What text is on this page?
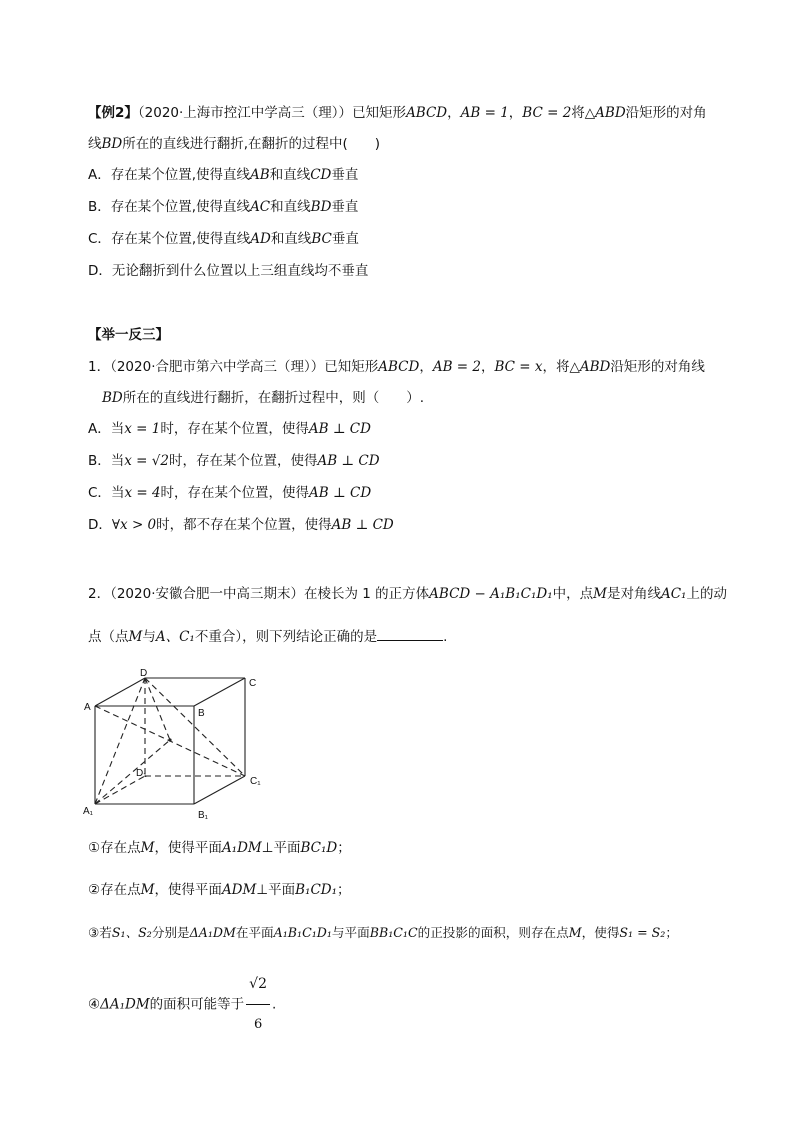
【例2】（2020·上海市控江中学高三（理））已知矩形ABCD，AB = 1，BC = 2将△ABD沿矩形的对角
线BD所在的直线进行翻折,在翻折的过程中(　　)
A．存在某个位置,使得直线AB和直线CD垂直
B．存在某个位置,使得直线AC和直线BD垂直
C．存在某个位置,使得直线AD和直线BC垂直
D．无论翻折到什么位置以上三组直线均不垂直
【举一反三】
1．（2020·合肥市第六中学高三（理））已知矩形ABCD，AB = 2，BC = x，将△ABD沿矩形的对角线
BD所在的直线进行翻折，在翻折过程中，则（　　）.
A．当x = 1时，存在某个位置，使得AB ⊥ CD
B．当x = √2时，存在某个位置，使得AB ⊥ CD
C．当x = 4时，存在某个位置，使得AB ⊥ CD
D．∀x > 0时，都不存在某个位置，使得AB ⊥ CD
2．（2020·安徽合肥一中高三期末）在棱长为 1 的正方体ABCD − A₁B₁C₁D₁中，点M是对角线AC₁上的动
点（点M与A、C₁不重合），则下列结论正确的是	.
A
B
C
D
A₁	B₁
C₁
D₁
①存在点M，使得平面A₁DM⊥平面BC₁D；
②存在点M，使得平面ADM⊥平面B₁CD₁；
③若S₁、S₂分别是ΔA₁DM在平面A₁B₁C₁D₁与平面BB₁C₁C的正投影的面积，则存在点M，使得S₁ = S₂；
④ΔA₁DM的面积可能等于 $\frac{√2}{6}$ .
